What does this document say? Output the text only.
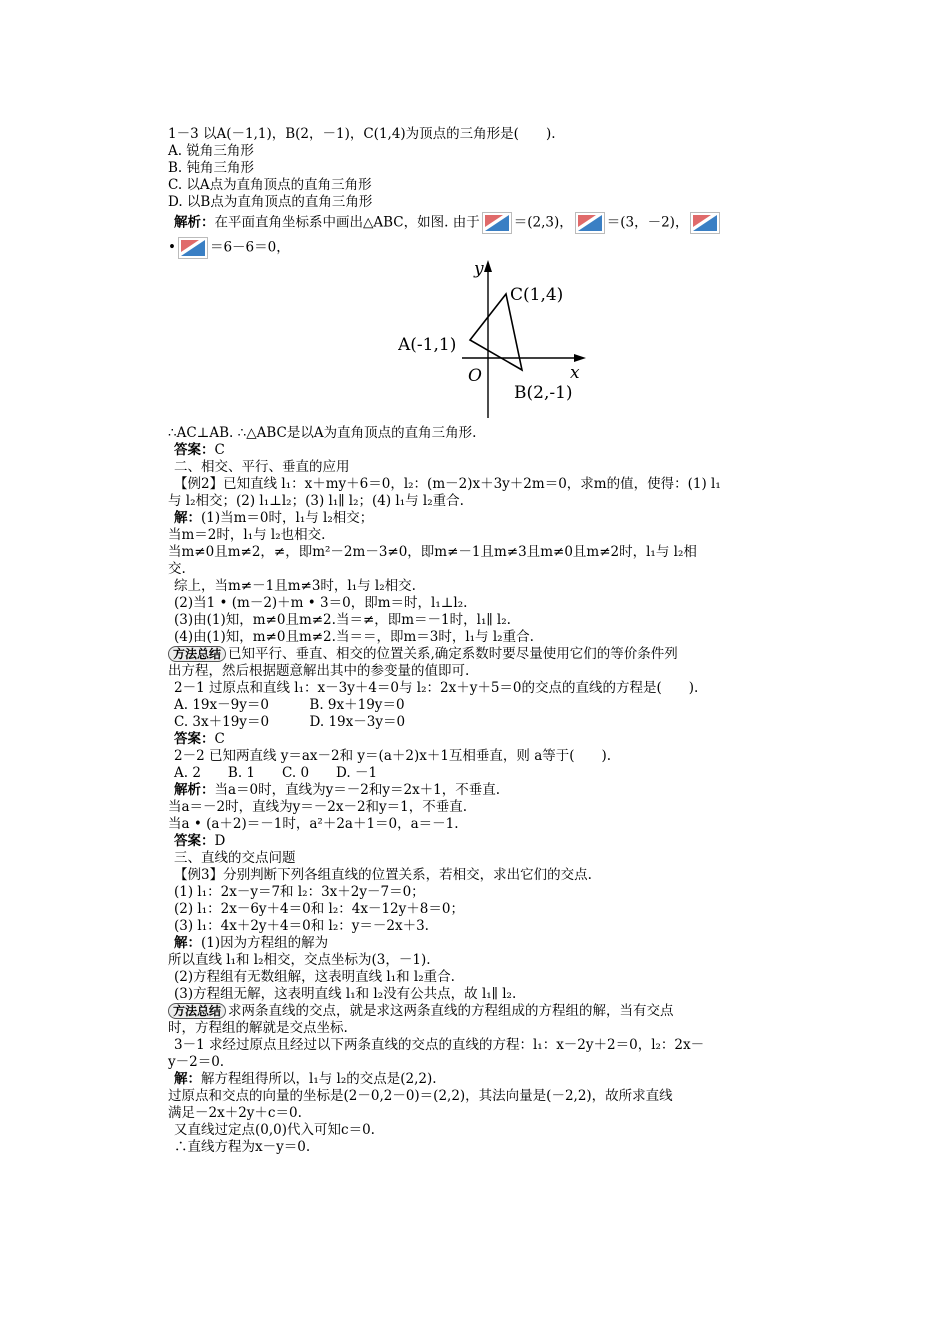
1－3 以A(－1,1)，B(2，－1)，C(1,4)为顶点的三角形是(　　).
A. 锐角三角形
B. 钝角三角形
C. 以A点为直角顶点的直角三角形
D. 以B点为直角顶点的直角三角形
解析：在平面直角坐标系中画出△ABC，如图. 由于	＝(2,3)，	＝(3，－2)，
•	＝6－6＝0，
y
x
O
A(-1,1)
B(2,-1)
C(1,4)
∴AC⊥AB. ∴△ABC是以A为直角顶点的直角三角形.
答案：C
二、相交、平行、垂直的应用
【例2】已知直线 l₁：x＋my＋6＝0，l₂：(m－2)x＋3y＋2m＝0，求m的值，使得：(1) l₁
与 l₂相交；(2) l₁⊥l₂；(3) l₁∥ l₂；(4) l₁与 l₂重合.
解：(1)当m＝0时，l₁与 l₂相交；
当m＝2时，l₁与 l₂也相交.
当m≠0且m≠2，≠，即m²－2m－3≠0，即m≠－1且m≠3且m≠0且m≠2时，l₁与 l₂相
交.
综上，当m≠－1且m≠3时，l₁与 l₂相交.
(2)当1 • (m－2)＋m • 3＝0，即m＝时，l₁⊥l₂.
(3)由(1)知，m≠0且m≠2.当＝≠，即m＝－1时，l₁∥ l₂.
(4)由(1)知，m≠0且m≠2.当＝＝，即m＝3时，l₁与 l₂重合.
方法总结 已知平行、垂直、相交的位置关系,确定系数时要尽量使用它们的等价条件列
出方程，然后根据题意解出其中的参变量的值即可.
2－1 过原点和直线 l₁：x－3y＋4＝0与 l₂：2x＋y＋5＝0的交点的直线的方程是(　　).
A. 19x－9y＝0　　　B. 9x＋19y＝0
C. 3x＋19y＝0　　　D. 19x－3y＝0
答案：C
2－2 已知两直线 y＝ax－2和 y＝(a＋2)x＋1互相垂直，则 a等于(　　).
A. 2　　B. 1　　C. 0　　D. －1
解析：当a＝0时，直线为y＝－2和y＝2x＋1，不垂直.
当a＝－2时，直线为y＝－2x－2和y＝1，不垂直.
当a • (a＋2)＝－1时，a²＋2a＋1＝0，a＝－1.
答案：D
三、直线的交点问题
【例3】分别判断下列各组直线的位置关系，若相交，求出它们的交点.
(1) l₁：2x－y＝7和 l₂：3x＋2y－7＝0；
(2) l₁：2x－6y＋4＝0和 l₂：4x－12y＋8＝0；
(3) l₁：4x＋2y＋4＝0和 l₂：y＝－2x＋3.
解：(1)因为方程组的解为
所以直线 l₁和 l₂相交，交点坐标为(3，－1).
(2)方程组有无数组解，这表明直线 l₁和 l₂重合.
(3)方程组无解，这表明直线 l₁和 l₂没有公共点，故 l₁∥ l₂.
方法总结 求两条直线的交点，就是求这两条直线的方程组成的方程组的解，当有交点
时，方程组的解就是交点坐标.
3－1 求经过原点且经过以下两条直线的交点的直线的方程：l₁：x－2y＋2＝0，l₂：2x－
y－2＝0.
解：解方程组得所以，l₁与 l₂的交点是(2,2).
过原点和交点的向量的坐标是(2－0,2－0)＝(2,2)，其法向量是(－2,2)，故所求直线
满足－2x＋2y＋c＝0.
又直线过定点(0,0)代入可知c＝0.
∴直线方程为x－y＝0.
